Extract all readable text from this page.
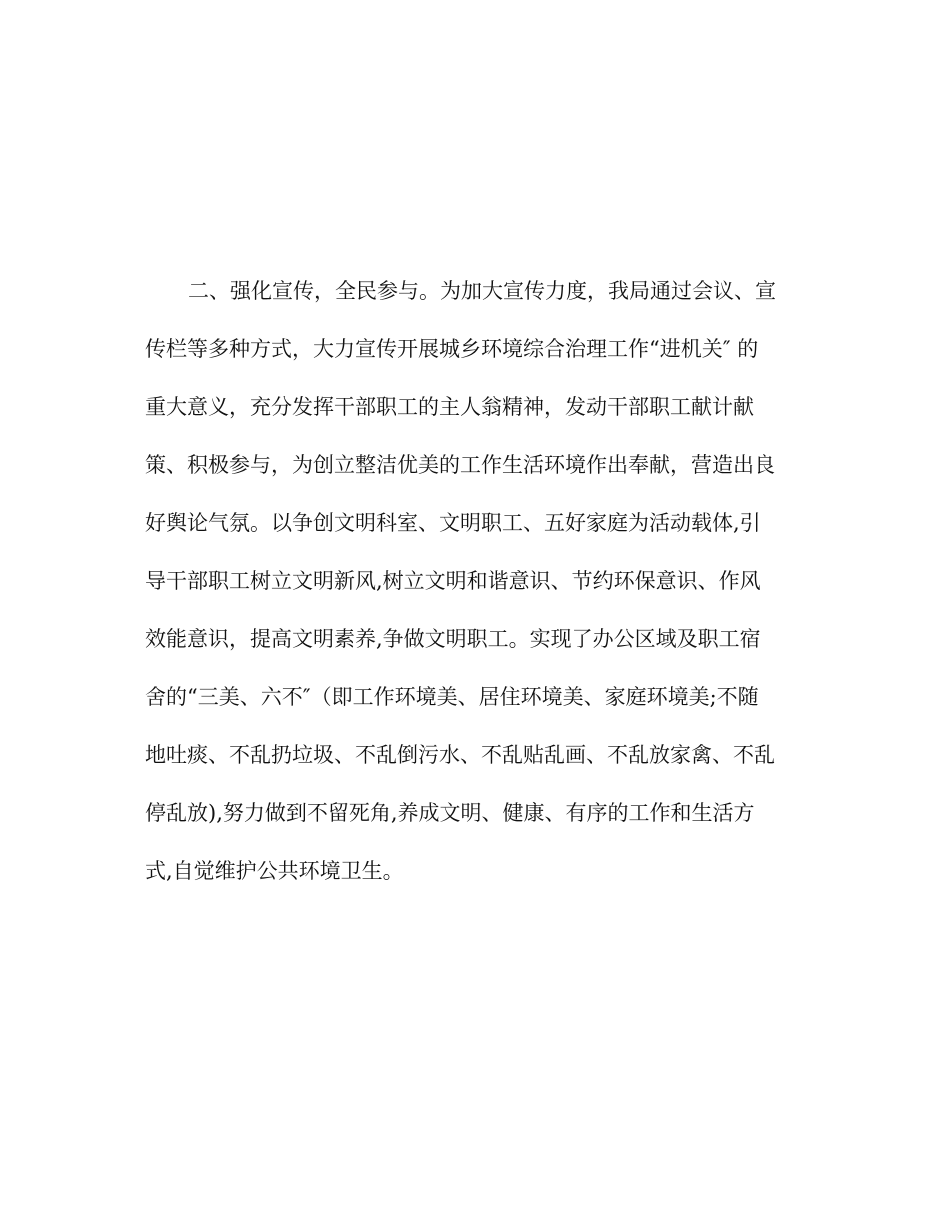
二、强化宣传，全民参与。为加大宣传力度，我局通过会议、宣
传栏等多种方式，大力宣传开展城乡环境综合治理工作“进机关″ 的
重大意义，充分发挥干部职工的主人翁精神，发动干部职工献计献
策、积极参与，为创立整洁优美的工作生活环境作出奉献，营造出良
好舆论气氛。以争创文明科室、文明职工、五好家庭为活动载体,引
导干部职工树立文明新风,树立文明和谐意识、节约环保意识、作风
效能意识，提高文明素养,争做文明职工。实现了办公区域及职工宿
舍的“三美、六不″（即工作环境美、居住环境美、家庭环境美;不随
地吐痰、不乱扔垃圾、不乱倒污水、不乱贴乱画、不乱放家禽、不乱
停乱放),努力做到不留死角,养成文明、健康、有序的工作和生活方
式,自觉维护公共环境卫生。
